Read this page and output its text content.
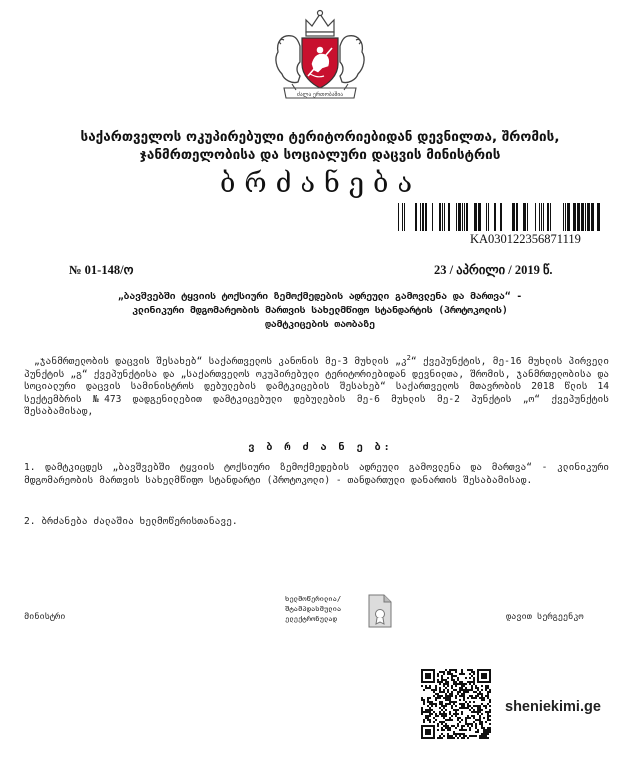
ძალა ერთობაშია
საქართველოს ოკუპირებული ტერიტორიებიდან დევნილთა, შრომის,
ჯანმრთელობისა და სოციალური დაცვის მინისტრის
ბრძანება
KA030122356871119
№ 01-148/ო	23 / აპრილი / 2019 წ.
„ბავშვებში ტყვიის ტოქსიური ზემოქმედების ადრეული გამოვლენა და მართვა“ -
კლინიკური მდგომარეობის მართვის სახელმწიფო სტანდარტის (პროტოკოლის)
დამტკიცების თაობაზე
„ჯანმრთელობის დაცვის შესახებ“ საქართველოს კანონის მე-3 მუხლის „კ$^2$“ ქვეპუნქტის, მე-16 მუხლის პირველი პუნქტის „გ“ ქვეპუნქტისა და „საქართველოს ოკუპირებული ტერიტორიებიდან დევნილთა, შრომის, ჯანმრთელობისა და სოციალური დაცვის სამინისტროს დებულების დამტკიცების შესახებ“ საქართველოს მთავრობის 2018 წლის 14 სექტემბრის №473 დადგენილებით დამტკიცებული დებულების მე-6 მუხლის მე-2 პუნქტის „ო“ ქვეპუნქტის შესაბამისად,
ვ ბ რ ძ ა ნ ე ბ:
1. დამტკიცდეს „ბავშვებში ტყვიის ტოქსიური ზემოქმედების ადრეული გამოვლენა და მართვა“ - კლინიკური მდგომარეობის მართვის სახელმწიფო სტანდარტი (პროტოკოლი) - თანდართული დანართის შესაბამისად.
2. ბრძანება ძალაშია ხელმოწერისთანავე.
მინისტრი
ხელმოწერილია/
შტამპდასმულია
ელექტრონულად	დავით სერგეენკო
sheniekimi.ge
